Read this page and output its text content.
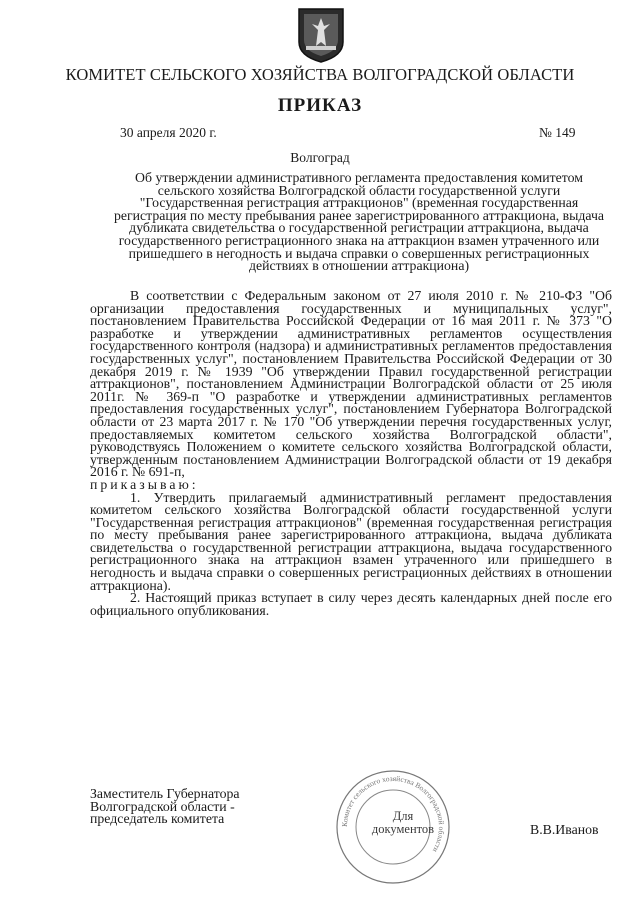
КОМИТЕТ СЕЛЬСКОГО ХОЗЯЙСТВА ВОЛГОГРАДСКОЙ ОБЛАСТИ
ПРИКАЗ
30 апреля 2020 г.	№ 149
Волгоград
Об утверждении административного регламента предоставления комитетом сельского хозяйства Волгоградской области государственной услуги "Государственная регистрация аттракционов" (временная государственная регистрация по месту пребывания ранее зарегистрированного аттракциона, выдача дубликата свидетельства о государственной регистрации аттракциона, выдача государственного регистрационного знака на аттракцион взамен утраченного или пришедшего в негодность и выдача справки о совершенных регистрационных действиях в отношении аттракциона)

В соответствии с Федеральным законом от 27 июля 2010 г. № 210-ФЗ "Об организации предоставления государственных и муниципальных услуг", постановлением Правительства Российской Федерации от 16 мая 2011 г. № 373 "О разработке и утверждении административных регламентов осуществления государственного контроля (надзора) и административных регламентов предоставления государственных услуг", постановлением Правительства Российской Федерации от 30 декабря 2019 г. № 1939 "Об утверждении Правил государственной регистрации аттракционов", постановлением Администрации Волгоградской области от 25 июля 2011г. № 369-п "О разработке и утверждении административных регламентов предоставления государственных услуг", постановлением Губернатора Волгоградской области от 23 марта 2017 г. № 170 "Об утверждении перечня государственных услуг, предоставляемых комитетом сельского хозяйства Волгоградской области", руководствуясь Положением о комитете сельского хозяйства Волгоградской области, утвержденным постановлением Администрации Волгоградской области от 19 декабря 2016 г. № 691-п,

приказываю:

1. Утвердить прилагаемый административный регламент предоставления комитетом сельского хозяйства Волгоградской области государственной услуги "Государственная регистрация аттракционов" (временная государственная регистрация по месту пребывания ранее зарегистрированного аттракциона, выдача дубликата свидетельства о государственной регистрации аттракциона, выдача государственного регистрационного знака на аттракцион взамен утраченного или пришедшего в негодность и выдача справки о совершенных регистрационных действиях в отношении аттракциона).

2. Настоящий приказ вступает в силу через десять календарных дней после его официального опубликования.

Заместитель Губернатора
Волгоградской области -
председатель комитета	Комитет сельского хозяйства Волгоградской области
Для
документов	В.В.Иванов
